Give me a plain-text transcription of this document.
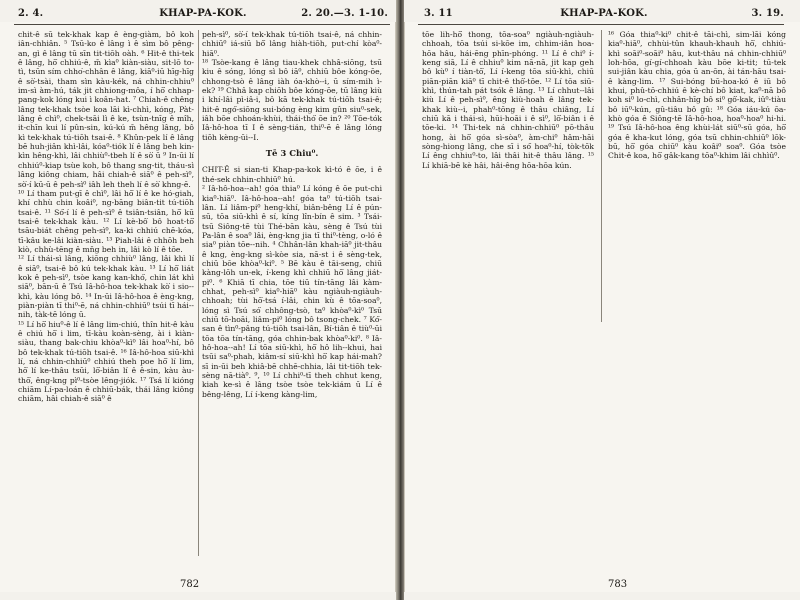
2. 4.	KHAP-PA-KOK.	2. 20.—3. 1-10.	3. 11	KHAP-PA-KOK.	3. 19.

chit-ê sū tek-khak kap ê èng-giàm, bô koh iân-chhiân. ⁵ Tsū-ko ê lâng ì ê sìm bô pêng-an, gì ê lâng tū sīn tit-tiōh oàh. ⁶ Hit-ê thi-tek ê lâng, hō͘ chhiú-ê, m̄ kìa⁰ kiàn-siàu, sit-lō to-tì, tsūn sím chho͘-chhân ê lâng, kiā⁰-iū hīg-hīg ê sò͘-tsài, tham sìn kàu-kék, ná chhin-chhiu⁰ im-sì àm-hú, ták jit chhiong-môa, í hō͘ chhap-pang-kok lóng kui ì koân-hat. ⁷ Chiah-ê chêng lâng tek-khak tsòe koa lāi kì-chhì, kóng, Pàt-lâng ê chì⁰, chek-tsāi lì ê ke, tsùn-tnīg ê mîh, it-chīn kui lí pûn-sin, kú-kú m̄ hêng lâng, bô kì tek-khak tú-tiōh tsai-ê. ⁸ Khûn-pek lí ê lâng bē huh-jiân khì-lâi, kóa⁰-tiók lí ê lâng beh kin-kìn hêng-khì, lâi chhiù⁰-tbeh lí ê sò͘ ū ⁹ In-ūi lí chhiú⁰-kiap tsùe koh, bô thang sng-tit, tháu-sì lâng kiông chiam, hâi chiah-ê siā⁰ ê peh-sì⁰, sò͘-í kū-ū ê peh-sì⁰ iâh leh theh lí ê sò͘ khng-ē.

¹⁰ Lí tham put-gī ê chì⁰, lâi hō͘ lí ê ke hó-giah, khí chhù chin koâi⁰, ng-bāng biân-tit tú-tiōh tsai-ê. ¹¹ Só͘-í lí ê peh-sì⁰ ê tsiân-tsiân, hō͘ kū tsai-ê tek-khak kàu. ¹² Lí kè-bô͘ bô hoat-tō͘ tsāu-biát chêng peh-sì⁰, ka-ki chhiú chē-kóa, tī-kâu ke-lâi kiàn-siàu. ¹³ Piah-lâi ê chhōh beh kiò, chhù-tēng ê mn̄g beh in, lâi kò lí ê tōe.

¹² Lí thái-sì lâng, kiōng chhiù⁰ lâng, lâi khì lí ê siā⁰, tsai-ê bô kú tek-khak kàu. ¹³ Lí hō͘ liát kok ê peh-sì⁰, tsòe kang kan-khó͘, chin lát khì siā⁰, bān-ū ê Tsú Iâ-hô-hoa tek-khak kò͘ i sio--khì, kàu lóng bô. ¹⁴ In-ūi Iâ-hô-hoa ê èng-kng, piàn-piàn tī thi⁰-ē, ná chhin-chhiū⁰ tsúi tī hái--nih, tàk-tē lóng ū.

¹⁵ Lí hō͘ hiu⁰-ê lí ê lâng lim-chiú, thîn hit-ê kàu ê chiú hō͘ i lim, tī-kàu koàn-sèng, ài i kiàn-siàu, thang bak-chiu khòa⁰-kì⁰ lâi hoa⁰-hí, bô bô tek-khak tú-tiōh tsai-ê. ¹⁶ Iâ-hô-hoa siū-khì lí, ná chhin-chhiū⁰ chhiú theh poe hō͘ lí lim, hō͘ lí ke-thâu tsūi, lō͘-biân lí ê ê-sin, kàu àu-thō͘, êng-kng pì⁰-tsòe lêng-jiók. ¹⁷ Tsá lí kióng chiām Lí-pa-loán ê chhiū-bák, thái lâng kiông chiām, hâi chiah-ê siā⁰ ê

peh-sì⁰, sò͘-í tek-khak tú-tiōh tsai-ê, ná chhin-chhiū⁰ iá-siū bô͘ lâng hiàh-tiōh, put-chí kòa⁰-hiā⁰.

¹⁸ Tsòe-kang ê lâng tiau-khek chhâ-siōng, tsū kiu ê sóng, lóng sì bô iā⁰, chhiū bôe kóng-ōe, chhong-tsò ê lâng iàh óa-khò--i, ū sím-mih ì-ek? ¹⁹ Chhâ kap chiōh bôe kóng-ōe, tū lâng kiù i khí-lâi pì-iâ-i, bô kā tek-khak tú-tiōh tsai-ê; hit-ê ngó͘-siōng sui-bóng èng kim gûn siu⁰-sek, iâh bōe chhoán-khùi, thái-thó͘ ōe in? ²⁰ Tōe-tók Iâ-hô-hoa tī I ê sèng-tián, thi⁰-ē ê lâng lóng tiōh kèng-ūi--I.

Tē 3 Chiu⁰.

CHIT-Ê si sian-ti Khap-pa-kok kì-tó ê ōe, i ê thé-sek chhin-chhiū⁰ hú.

² Iâ-hô-hoa--ah! góa thia⁰ Lí kóng ê ōe put-chi kia⁰-hiā⁰. Iâ-hô-hoa--ah! góa ta⁰ tú-tiōh tsai-lân. Lí liâm-pi⁰ heng-khí, biân-bêng Lí ê pún-sū, tōa siū-khì ê sí, kíng lîn-bín ê sim. ³ Tsái-tsū Siông-tē tùi Thé-bān kàu, sèng ê Tsú tùi Pa-lân ê soa⁰ lâi, èng-kng jia tī thi⁰-tèng, o-ló ê sia⁰ piàn tōe--nih. ⁴ Chhân-lân khah-iā⁰ jit-thâu ê kng, èng-kng sì-kòe sia, nā-st i ê sèng-tek, chiū bōe khòa⁰-ki⁰. ⁵ Bē kàu ê tāi-seng, chiū kàng-lōh un-ek, í-keng khì chhiū hō͘ lâng jiát-pi⁰. ⁶ Khiā tī chia, tōe tiū tín-tāng lâi kàm-chhat, peh-sì⁰ kia⁰-hiā⁰ kàu ngiàuh-ngiàuh-chhoah; tùi hō͘-tsá í-lâi, chin kù ê tōa-soa⁰, lóng sì Tsú só͘ chhông-tsò, ta⁰ khòa⁰-kì⁰ Tsū chiū tō-hoāi, liâm-pi⁰ lóng bô tsong-chek. ⁷ Kó͘-san ê tìn⁰-pâng tú-tiōh tsai-lân, Bí-tiân ê tiù⁰-ūi tōa tōa tín-tāng, góa chhin-bak khòa⁰-ki⁰. ⁸ Iâ-hô-hoa--ah! Lí tōa siū-khì, hō͘ hô lih--khui, hai tsūi sa⁰-phah, kiâm-sí siū-khì hō͘ kap hái-mah? sī in-ūi beh khiâ-bē chhē-chhia, lâi tit-tiōh tek-sèng nā-tià⁰. ⁹, ¹⁰ Lí chhi⁰-tī theh chhut keng, kiah ke-sì ê lâng tsòe tsòe tek-kiám ū Lí ê bêng-lêng, Lí í-keng kàng-lim,

tōe lih-hō͘ thong, tōa-soa⁰ ngiàuh-ngiàuh-chhoah, tōa tsúi si-kōe im, chhim-iân hoa-hōa hâu, hái-ēng phīn-phóng. ¹¹ Lí ê chi⁰ í-keng siā, Lí ê chhiu⁰ kim nā-nā, jit kap geh bô kù⁰ í tiàn-tō͘, Lí í-keng tōa siū-khì, chiū piān-piān kiā⁰ tī chit-ê thô͘-tōe. ¹² Lí tōa siū-khì, thún-tah pát tsók ê lâng. ¹³ Lí chhut--lâi kiù Lí ê peh-sì⁰, êng kiù-hoah ê lâng tek-khak kiù--i, phah⁰-tōng ê thâu chiâng, Lí chiū kā i thái-sì, hūi-hoāi i ê sì⁰, lō͘-biân i ê tōe-ki. ¹⁴ Thi-tek ná chhin-chhiū⁰ pō-thâu hong, ài hō͘ góa sì-sòa⁰, àm-chi⁰ hâm-hāi sòng-hiong lâng, che sī i só͘ hoa⁰-hí, tòk-tōk Lí êng chhiu⁰-to, lâi thâi hit-ê thâu lâng. ¹⁵ Lí khiā-bē kè hâi, hâi-êng hōa-hōa kún.

¹⁶ Góa thia⁰-ki⁰ chit-ê tāi-chì, sim-lāi kóng kia⁰-hiā⁰, chhùi-tûn khauh-khauh hō͘, chhiú-khì soāi⁰-soāi⁰ hâu, kut-thâu ná chhin-chhiū⁰ loh-hōa, gí-gí-chhoah kàu bōe ki-tit; tū-tek sui-jiân kàu chia, góa ū an-ōn, ài tán-hāu tsai-ê kàng-lim. ¹⁷ Sui-bóng bū-hoa-kó ê iū bô khui, phû-tō-chhiú ê kè-chí bô kiat, ka⁰-nā bô koh si⁰ lo-chì, chhân-hīg bô si⁰ gô͘-kak, iû⁰-tiàu bô iū⁰-kún, gû-tiâu bô gû: ¹⁸ Góa iáu-kú ōa-khò góa ê Siông-tē Iâ-hô-hoa, hoa⁰-hoa⁰ hi-hi. ¹⁹ Tsú Iâ-hô-hoa êng khùi-lát siū⁰-sū góa, hō͘ góa ê kha-kut lóng, góa tsū chhin-chhiū⁰ lōk-bū, hō͘ góa chiū⁰ kàu koâi⁰ soa⁰. Góa tsòe Chit-ê koa, hō͘ gâk-kang tōa⁰-khim lâi chhìû⁰.

782	783
